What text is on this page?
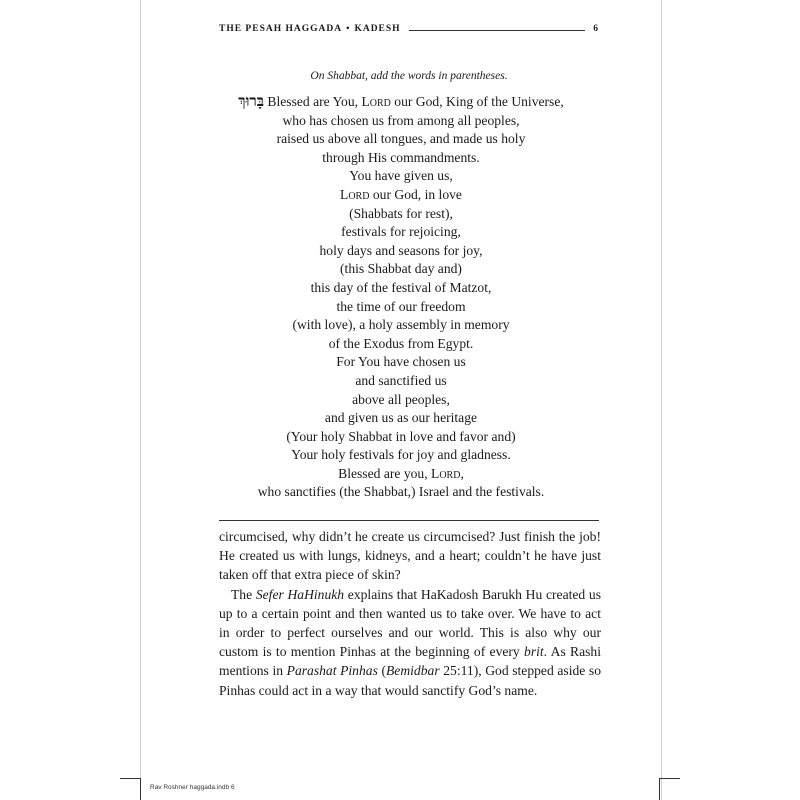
THE PESAH HAGGADA • KADESH	6
On Shabbat, add the words in parentheses.
בָּרוּךְ Blessed are You, Lord our God, King of the Universe,
who has chosen us from among all peoples,
raised us above all tongues, and made us holy
through His commandments.
You have given us,
Lord our God, in love
(Shabbats for rest),
festivals for rejoicing,
holy days and seasons for joy,
(this Shabbat day and)
this day of the festival of Matzot,
the time of our freedom
(with love), a holy assembly in memory
of the Exodus from Egypt.
For You have chosen us
and sanctified us
above all peoples,
and given us as our heritage
(Your holy Shabbat in love and favor and)
Your holy festivals for joy and gladness.
Blessed are you, Lord,
who sanctifies (the Shabbat,) Israel and the festivals.

circumcised, why didn’t he create us circumcised? Just finish the job! He created us with lungs, kidneys, and a heart; couldn’t he have just taken off that extra piece of skin?

The Sefer HaHinukh explains that HaKadosh Barukh Hu created us up to a certain point and then wanted us to take over. We have to act in order to perfect ourselves and our world. This is also why our custom is to mention Pinhas at the beginning of every brit. As Rashi mentions in Parashat Pinhas (Bemidbar 25:11), God stepped aside so Pinhas could act in a way that would sanctify God’s name.

Rav Roshner haggada.indb 6
